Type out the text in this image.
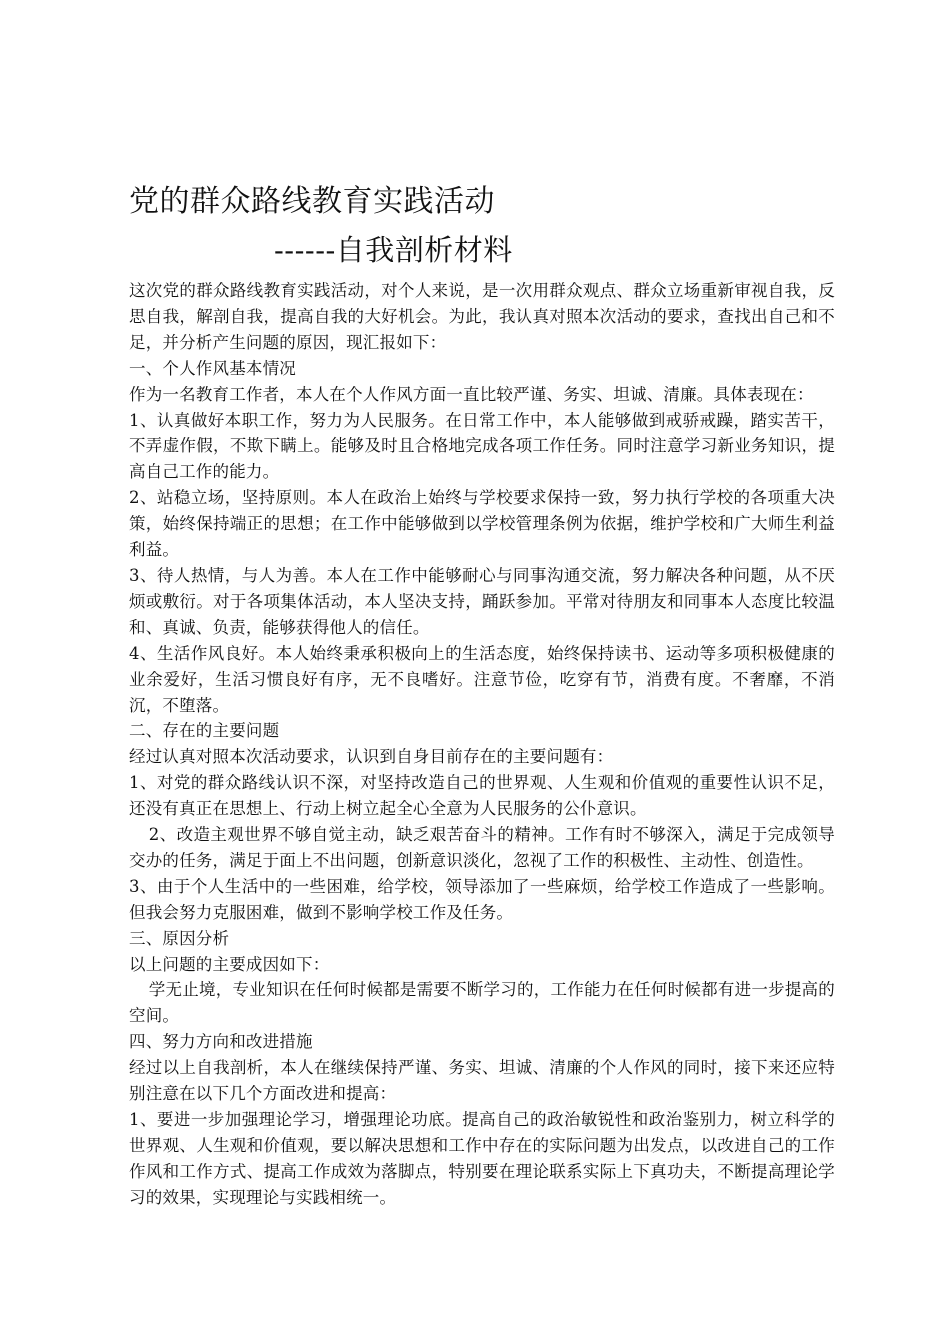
党的群众路线教育实践活动
------自我剖析材料

这次党的群众路线教育实践活动，对个人来说，是一次用群众观点、群众立场重新审视自我，反思自我，解剖自我，提高自我的大好机会。为此，我认真对照本次活动的要求，查找出自己和不足，并分析产生问题的原因，现汇报如下：

一、个人作风基本情况

作为一名教育工作者，本人在个人作风方面一直比较严谨、务实、坦诚、清廉。具体表现在：

1、认真做好本职工作，努力为人民服务。在日常工作中，本人能够做到戒骄戒躁，踏实苦干，不弄虚作假，不欺下瞒上。能够及时且合格地完成各项工作任务。同时注意学习新业务知识，提高自己工作的能力。

2、站稳立场，坚持原则。本人在政治上始终与学校要求保持一致，努力执行学校的各项重大决策，始终保持端正的思想；在工作中能够做到以学校管理条例为依据，维护学校和广大师生利益利益。

3、待人热情，与人为善。本人在工作中能够耐心与同事沟通交流，努力解决各种问题，从不厌烦或敷衍。对于各项集体活动，本人坚决支持，踊跃参加。平常对待朋友和同事本人态度比较温和、真诚、负责，能够获得他人的信任。

4、生活作风良好。本人始终秉承积极向上的生活态度，始终保持读书、运动等多项积极健康的业余爱好，生活习惯良好有序，无不良嗜好。注意节俭，吃穿有节，消费有度。不奢靡，不消沉，不堕落。

二、存在的主要问题

经过认真对照本次活动要求，认识到自身目前存在的主要问题有：

1、对党的群众路线认识不深，对坚持改造自己的世界观、人生观和价值观的重要性认识不足，还没有真正在思想上、行动上树立起全心全意为人民服务的公仆意识。

2、改造主观世界不够自觉主动，缺乏艰苦奋斗的精神。工作有时不够深入，满足于完成领导交办的任务，满足于面上不出问题，创新意识淡化，忽视了工作的积极性、主动性、创造性。

3、由于个人生活中的一些困难，给学校，领导添加了一些麻烦，给学校工作造成了一些影响。但我会努力克服困难，做到不影响学校工作及任务。

三、原因分析

以上问题的主要成因如下：

学无止境，专业知识在任何时候都是需要不断学习的，工作能力在任何时候都有进一步提高的空间。

四、努力方向和改进措施

经过以上自我剖析，本人在继续保持严谨、务实、坦诚、清廉的个人作风的同时，接下来还应特别注意在以下几个方面改进和提高：

1、要进一步加强理论学习，增强理论功底。提高自己的政治敏锐性和政治鉴别力，树立科学的世界观、人生观和价值观，要以解决思想和工作中存在的实际问题为出发点，以改进自己的工作作风和工作方式、提高工作成效为落脚点，特别要在理论联系实际上下真功夫，不断提高理论学习的效果，实现理论与实践相统一。
